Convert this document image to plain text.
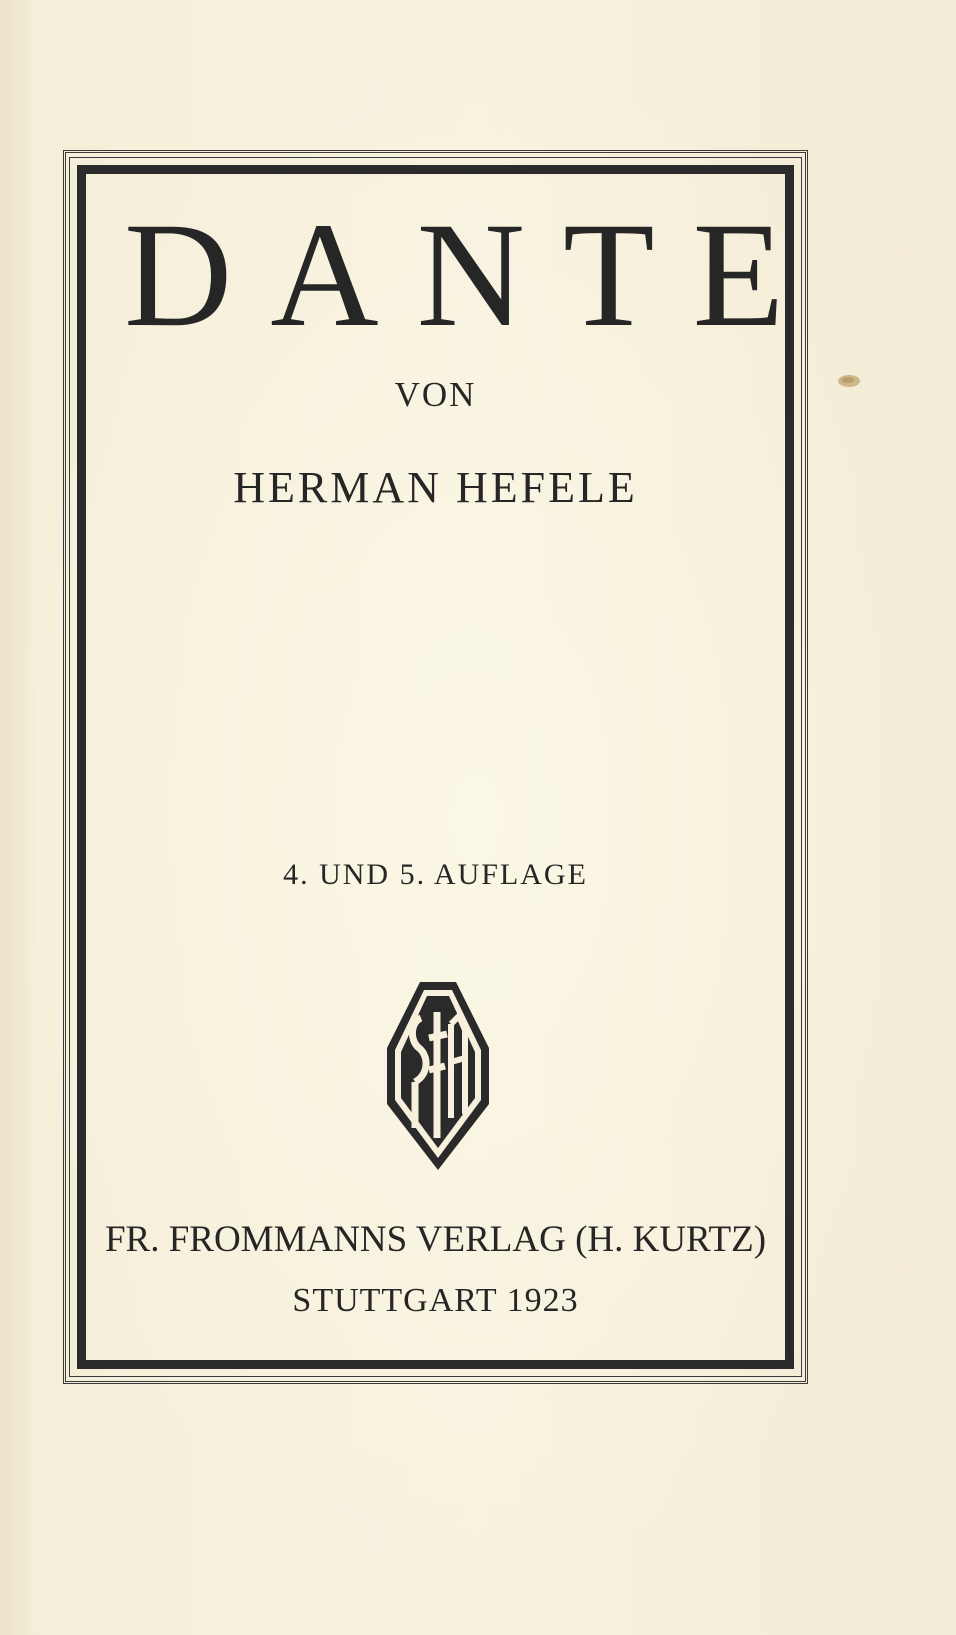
DANTE
VON
HERMAN HEFELE
4. UND 5. AUFLAGE
FR. FROMMANNS VERLAG (H. KURTZ)
STUTTGART 1923
